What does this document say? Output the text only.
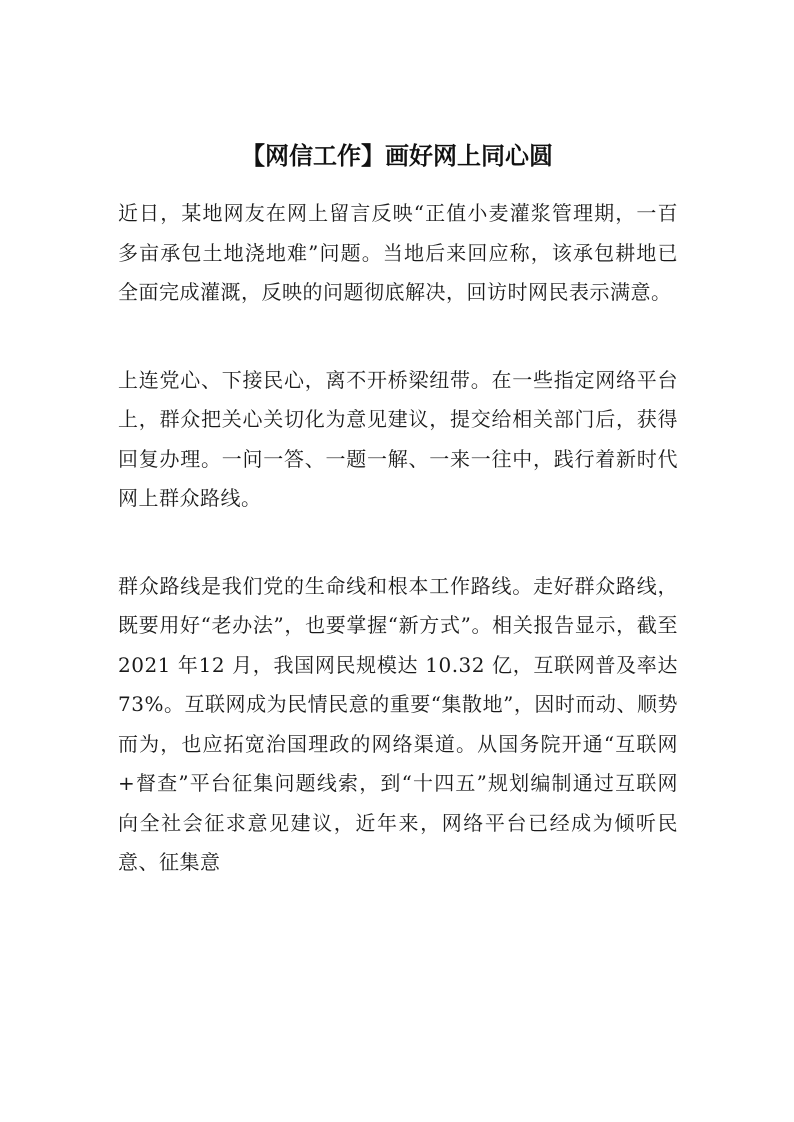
【网信工作】画好网上同心圆

近日，某地网友在网上留言反映“正值小麦灌浆管理期，一百多亩承包土地浇地难”问题。当地后来回应称，该承包耕地已全面完成灌溉，反映的问题彻底解决，回访时网民表示满意。

上连党心、下接民心，离不开桥梁纽带。在一些指定网络平台上，群众把关心关切化为意见建议，提交给相关部门后，获得回复办理。一问一答、一题一解、一来一往中，践行着新时代网上群众路线。

群众路线是我们党的生命线和根本工作路线。走好群众路线，既要用好“老办法”，也要掌握“新方式”。相关报告显示，截至 2021 年12 月，我国网民规模达 10.32 亿，互联网普及率达 73%。互联网成为民情民意的重要“集散地”，因时而动、顺势而为，也应拓宽治国理政的网络渠道。从国务院开通“互联网+督查”平台征集问题线索，到“十四五”规划编制通过互联网向全社会征求意见建议，近年来，网络平台已经成为倾听民意、征集意
